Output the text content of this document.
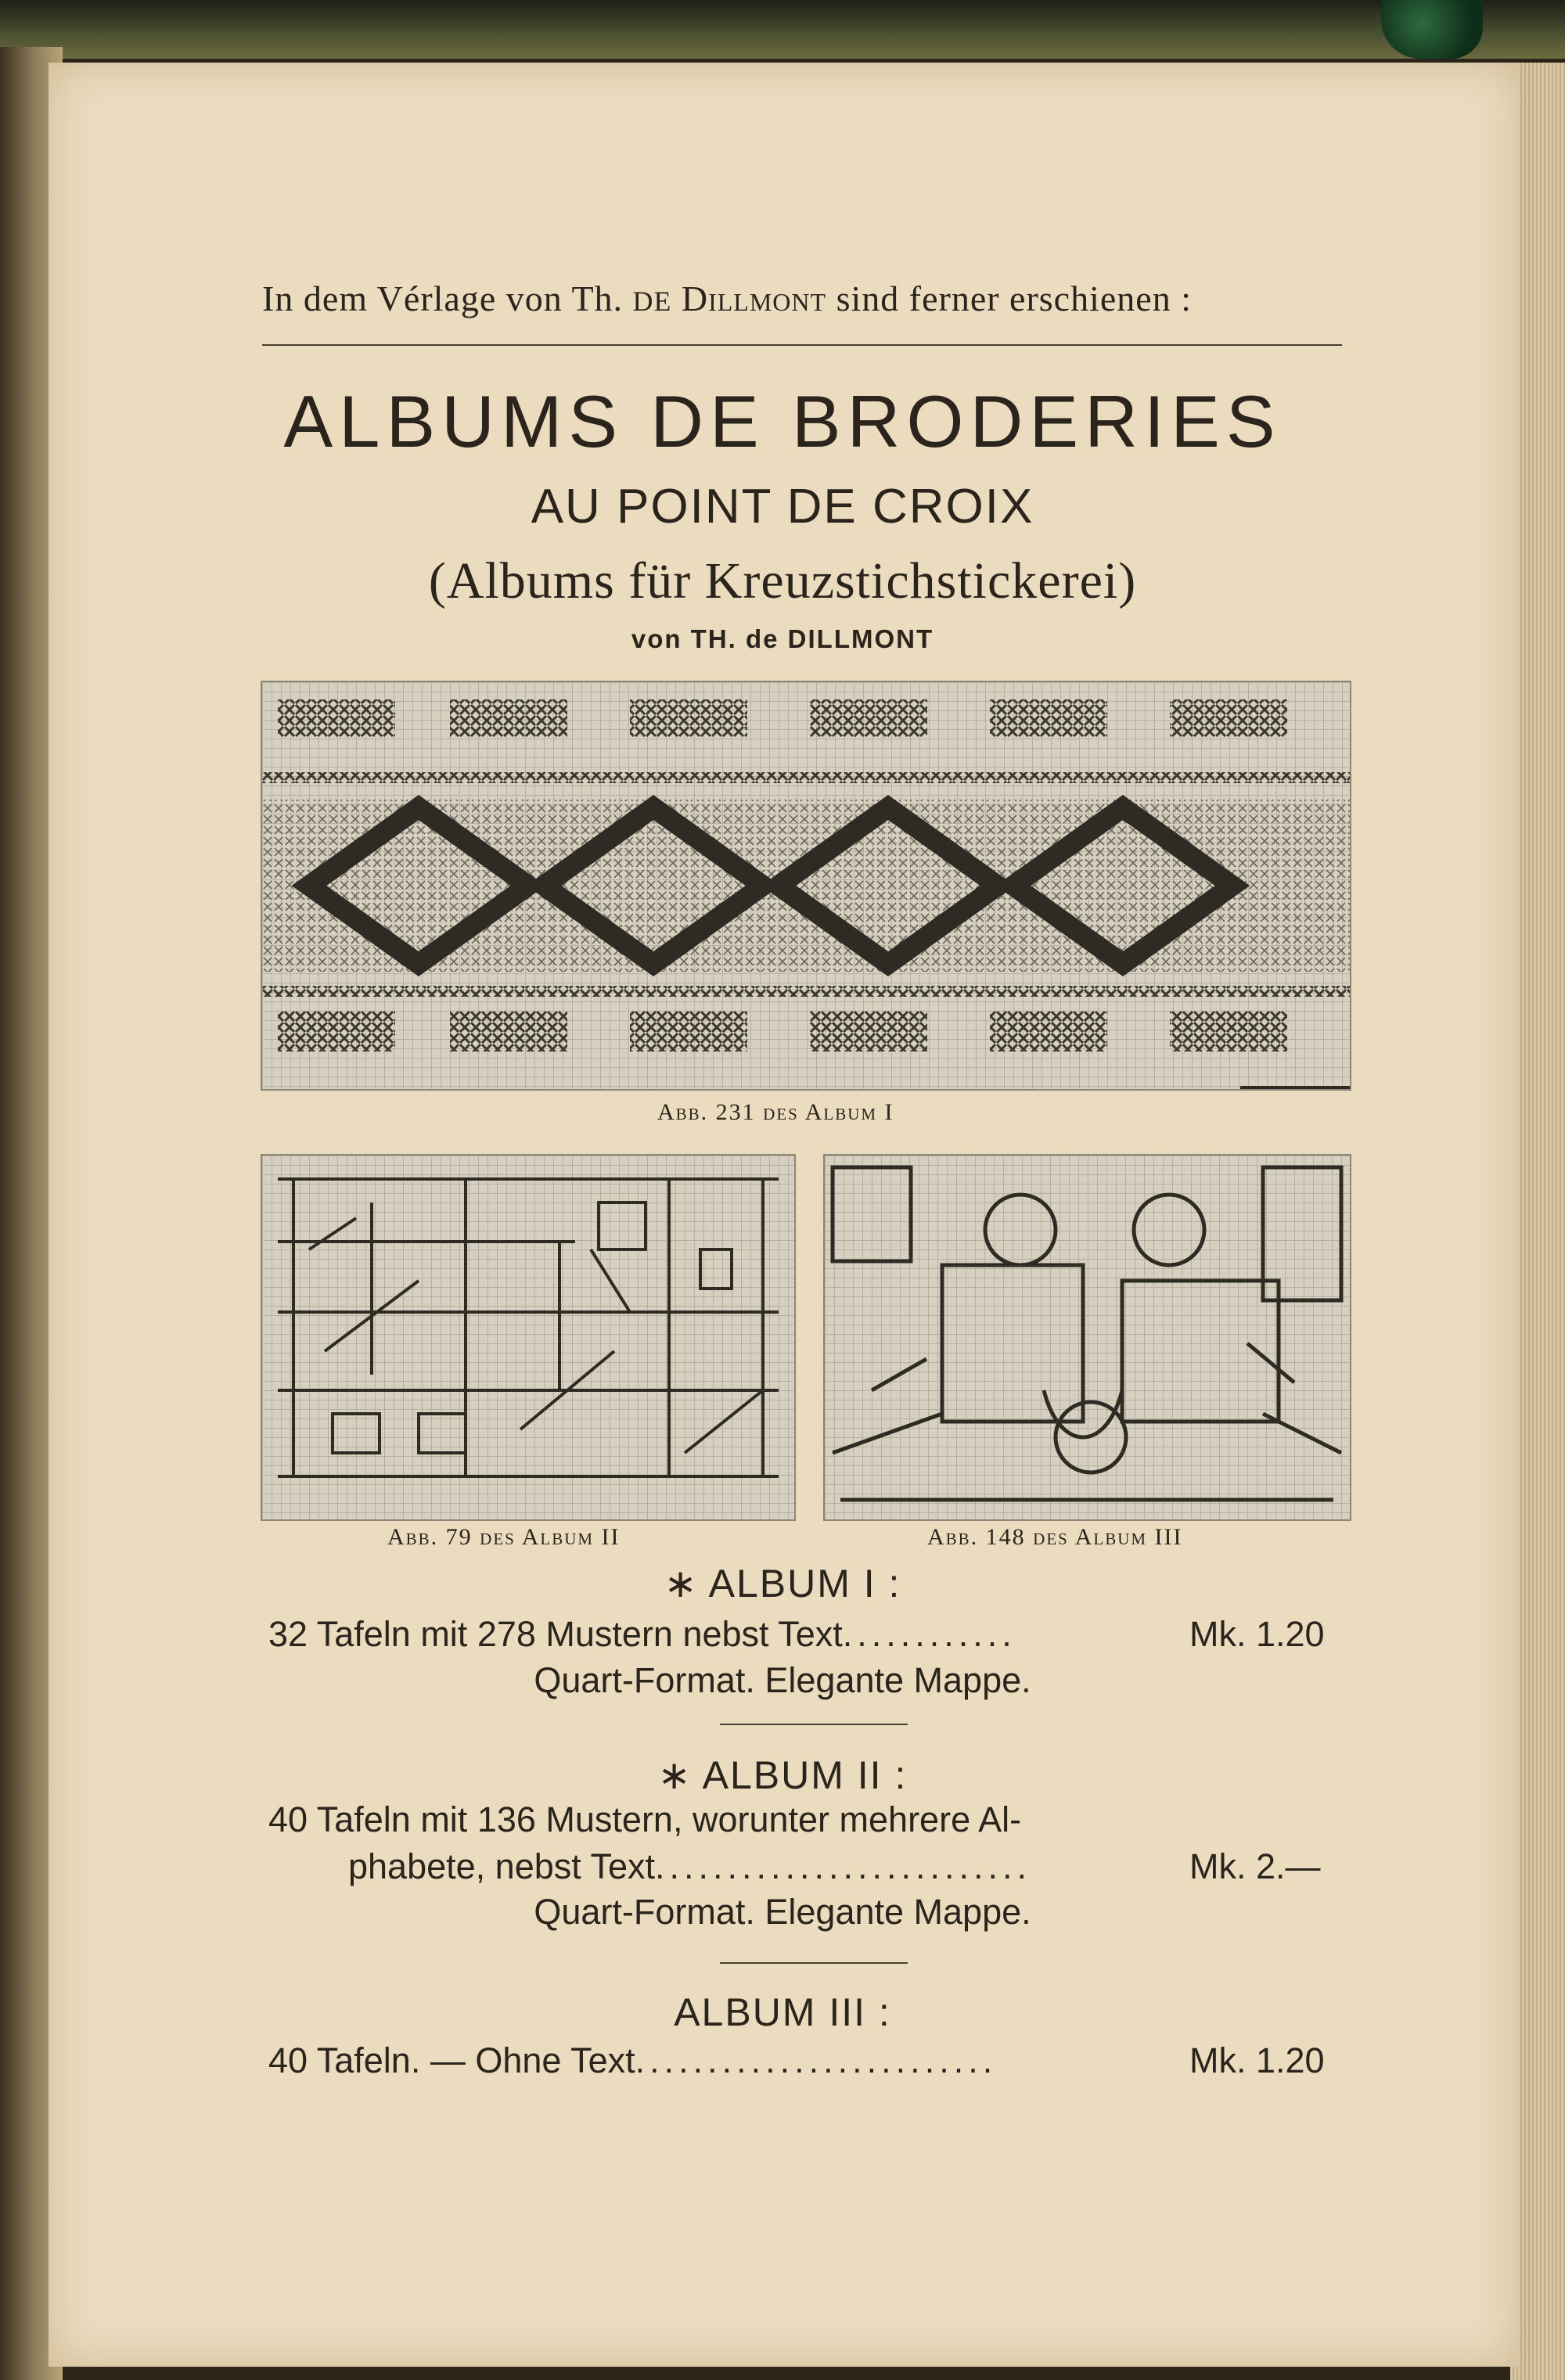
In dem Vérlage von Th. DE Dillmont sind ferner erschienen :
ALBUMS DE BRODERIES
AU POINT DE CROIX
(Albums für Kreuzstichstickerei)
von TH. de DILLMONT
Abb. 231 des Album I
Abb. 79 des Album II	Abb. 148 des Album III
∗ ALBUM I :
32 Tafeln mit 278 Mustern nebst Text............	Mk. 1.20
Quart-Format. Elegante Mappe.
∗ ALBUM II :
40 Tafeln mit 136 Mustern, worunter mehrere Al-
phabete, nebst Text..........................	Mk. 2.—
Quart-Format. Elegante Mappe.
ALBUM III :
40 Tafeln. — Ohne Text.........................	Mk. 1.20
